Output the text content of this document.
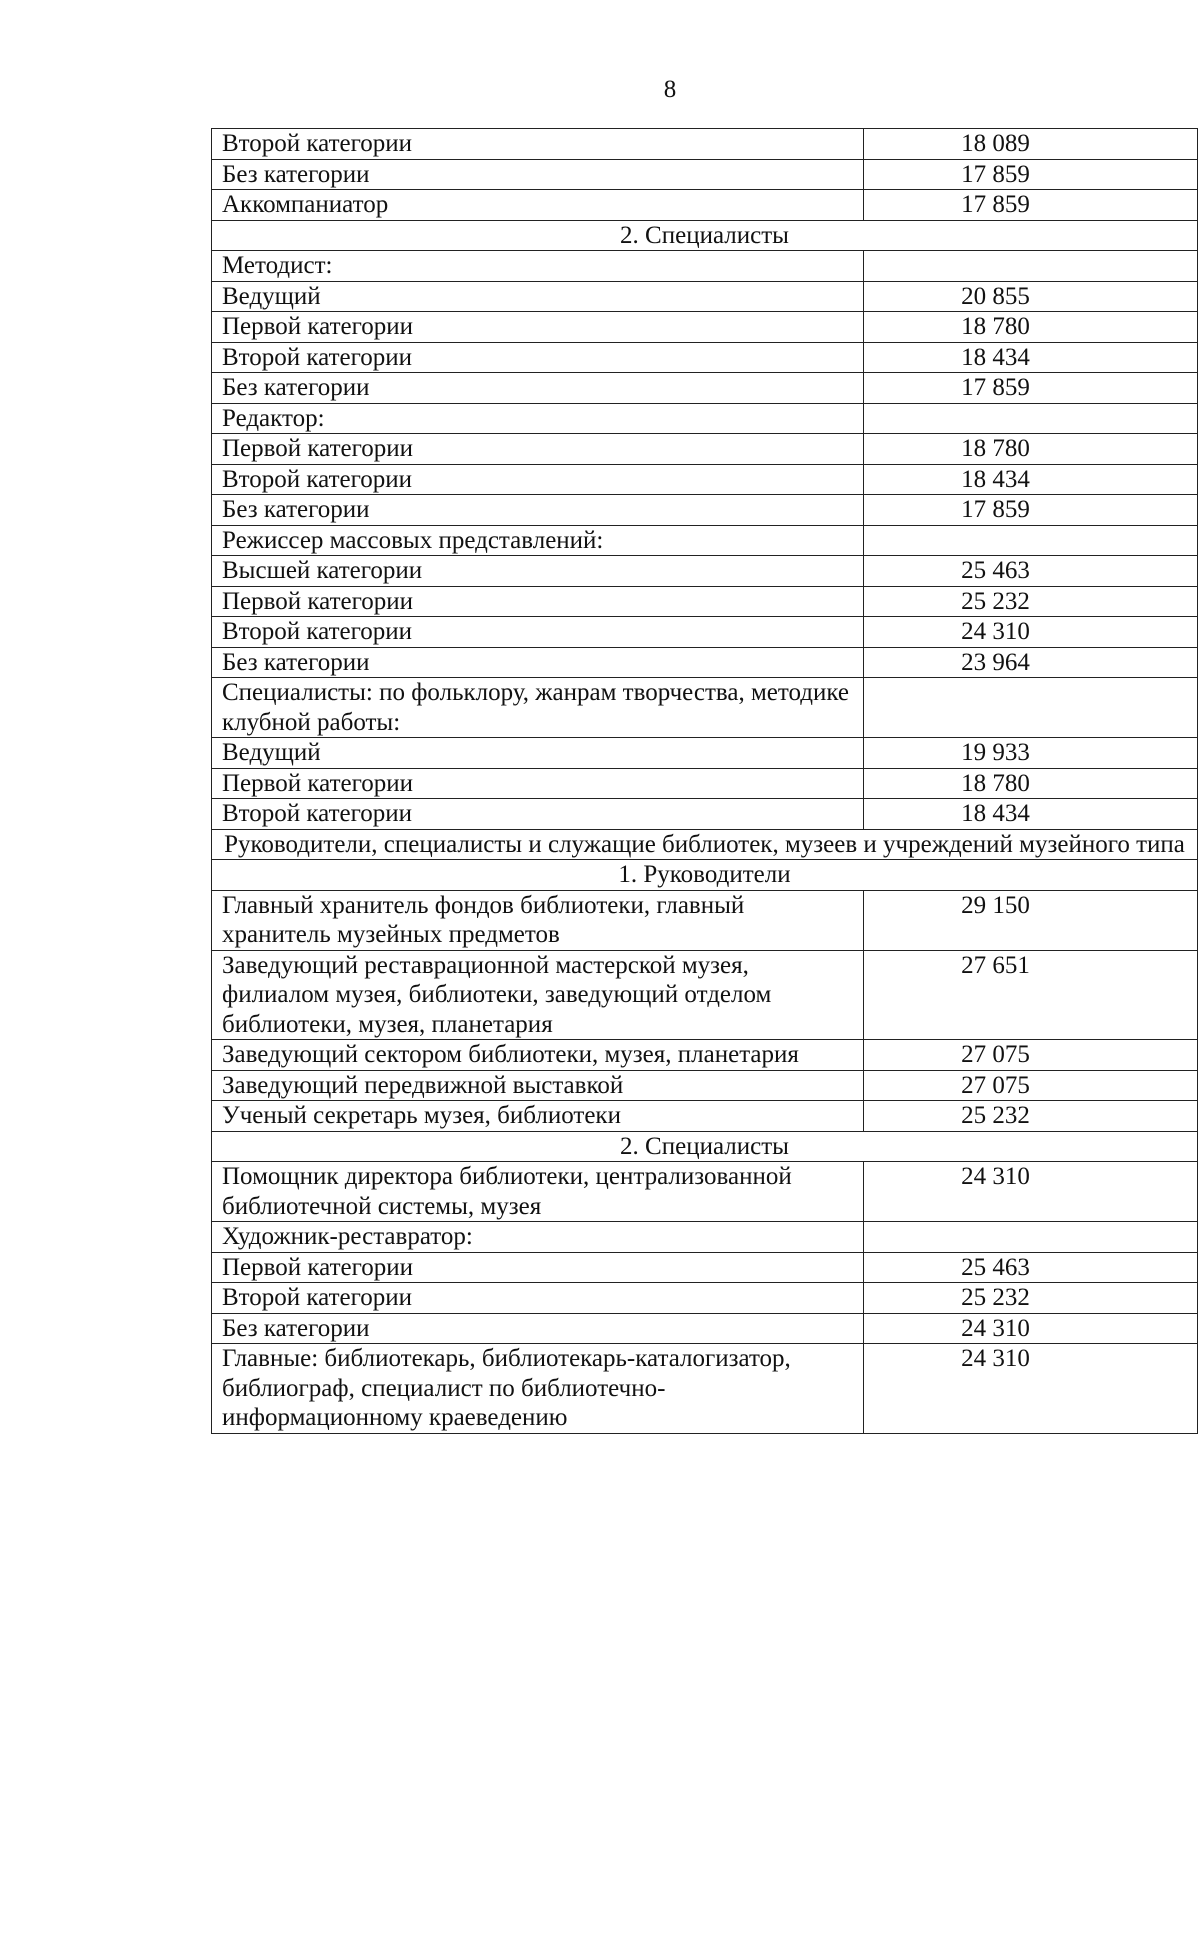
8
Второй категории	18 089
Без категории	17 859
Аккомпаниатор	17 859
2. Специалисты	
Методист:	
Ведущий	20 855
Первой категории	18 780
Второй категории	18 434
Без категории	17 859
Редактор:	
Первой категории	18 780
Второй категории	18 434
Без категории	17 859
Режиссер массовых представлений:	
Высшей категории	25 463
Первой категории	25 232
Второй категории	24 310
Без категории	23 964
Специалисты: по фольклору, жанрам творчества, методике клубной работы:	
Ведущий	19 933
Первой категории	18 780
Второй категории	18 434
Руководители, специалисты и служащие библиотек, музеев и учреждений музейного типа	
1. Руководители	
Главный хранитель фондов библиотеки, главный хранитель музейных предметов	29 150
Заведующий реставрационной мастерской музея, филиалом музея, библиотеки, заведующий отделом библиотеки, музея, планетария	27 651
Заведующий сектором библиотеки, музея, планетария	27 075
Заведующий передвижной выставкой	27 075
Ученый секретарь музея, библиотеки	25 232
2. Специалисты	
Помощник директора библиотеки, централизованной библиотечной системы, музея	24 310
Художник-реставратор:	
Первой категории	25 463
Второй категории	25 232
Без категории	24 310
Главные: библиотекарь, библиотекарь-каталогизатор, библиограф, специалист по библиотечно-информационному краеведению	24 310
